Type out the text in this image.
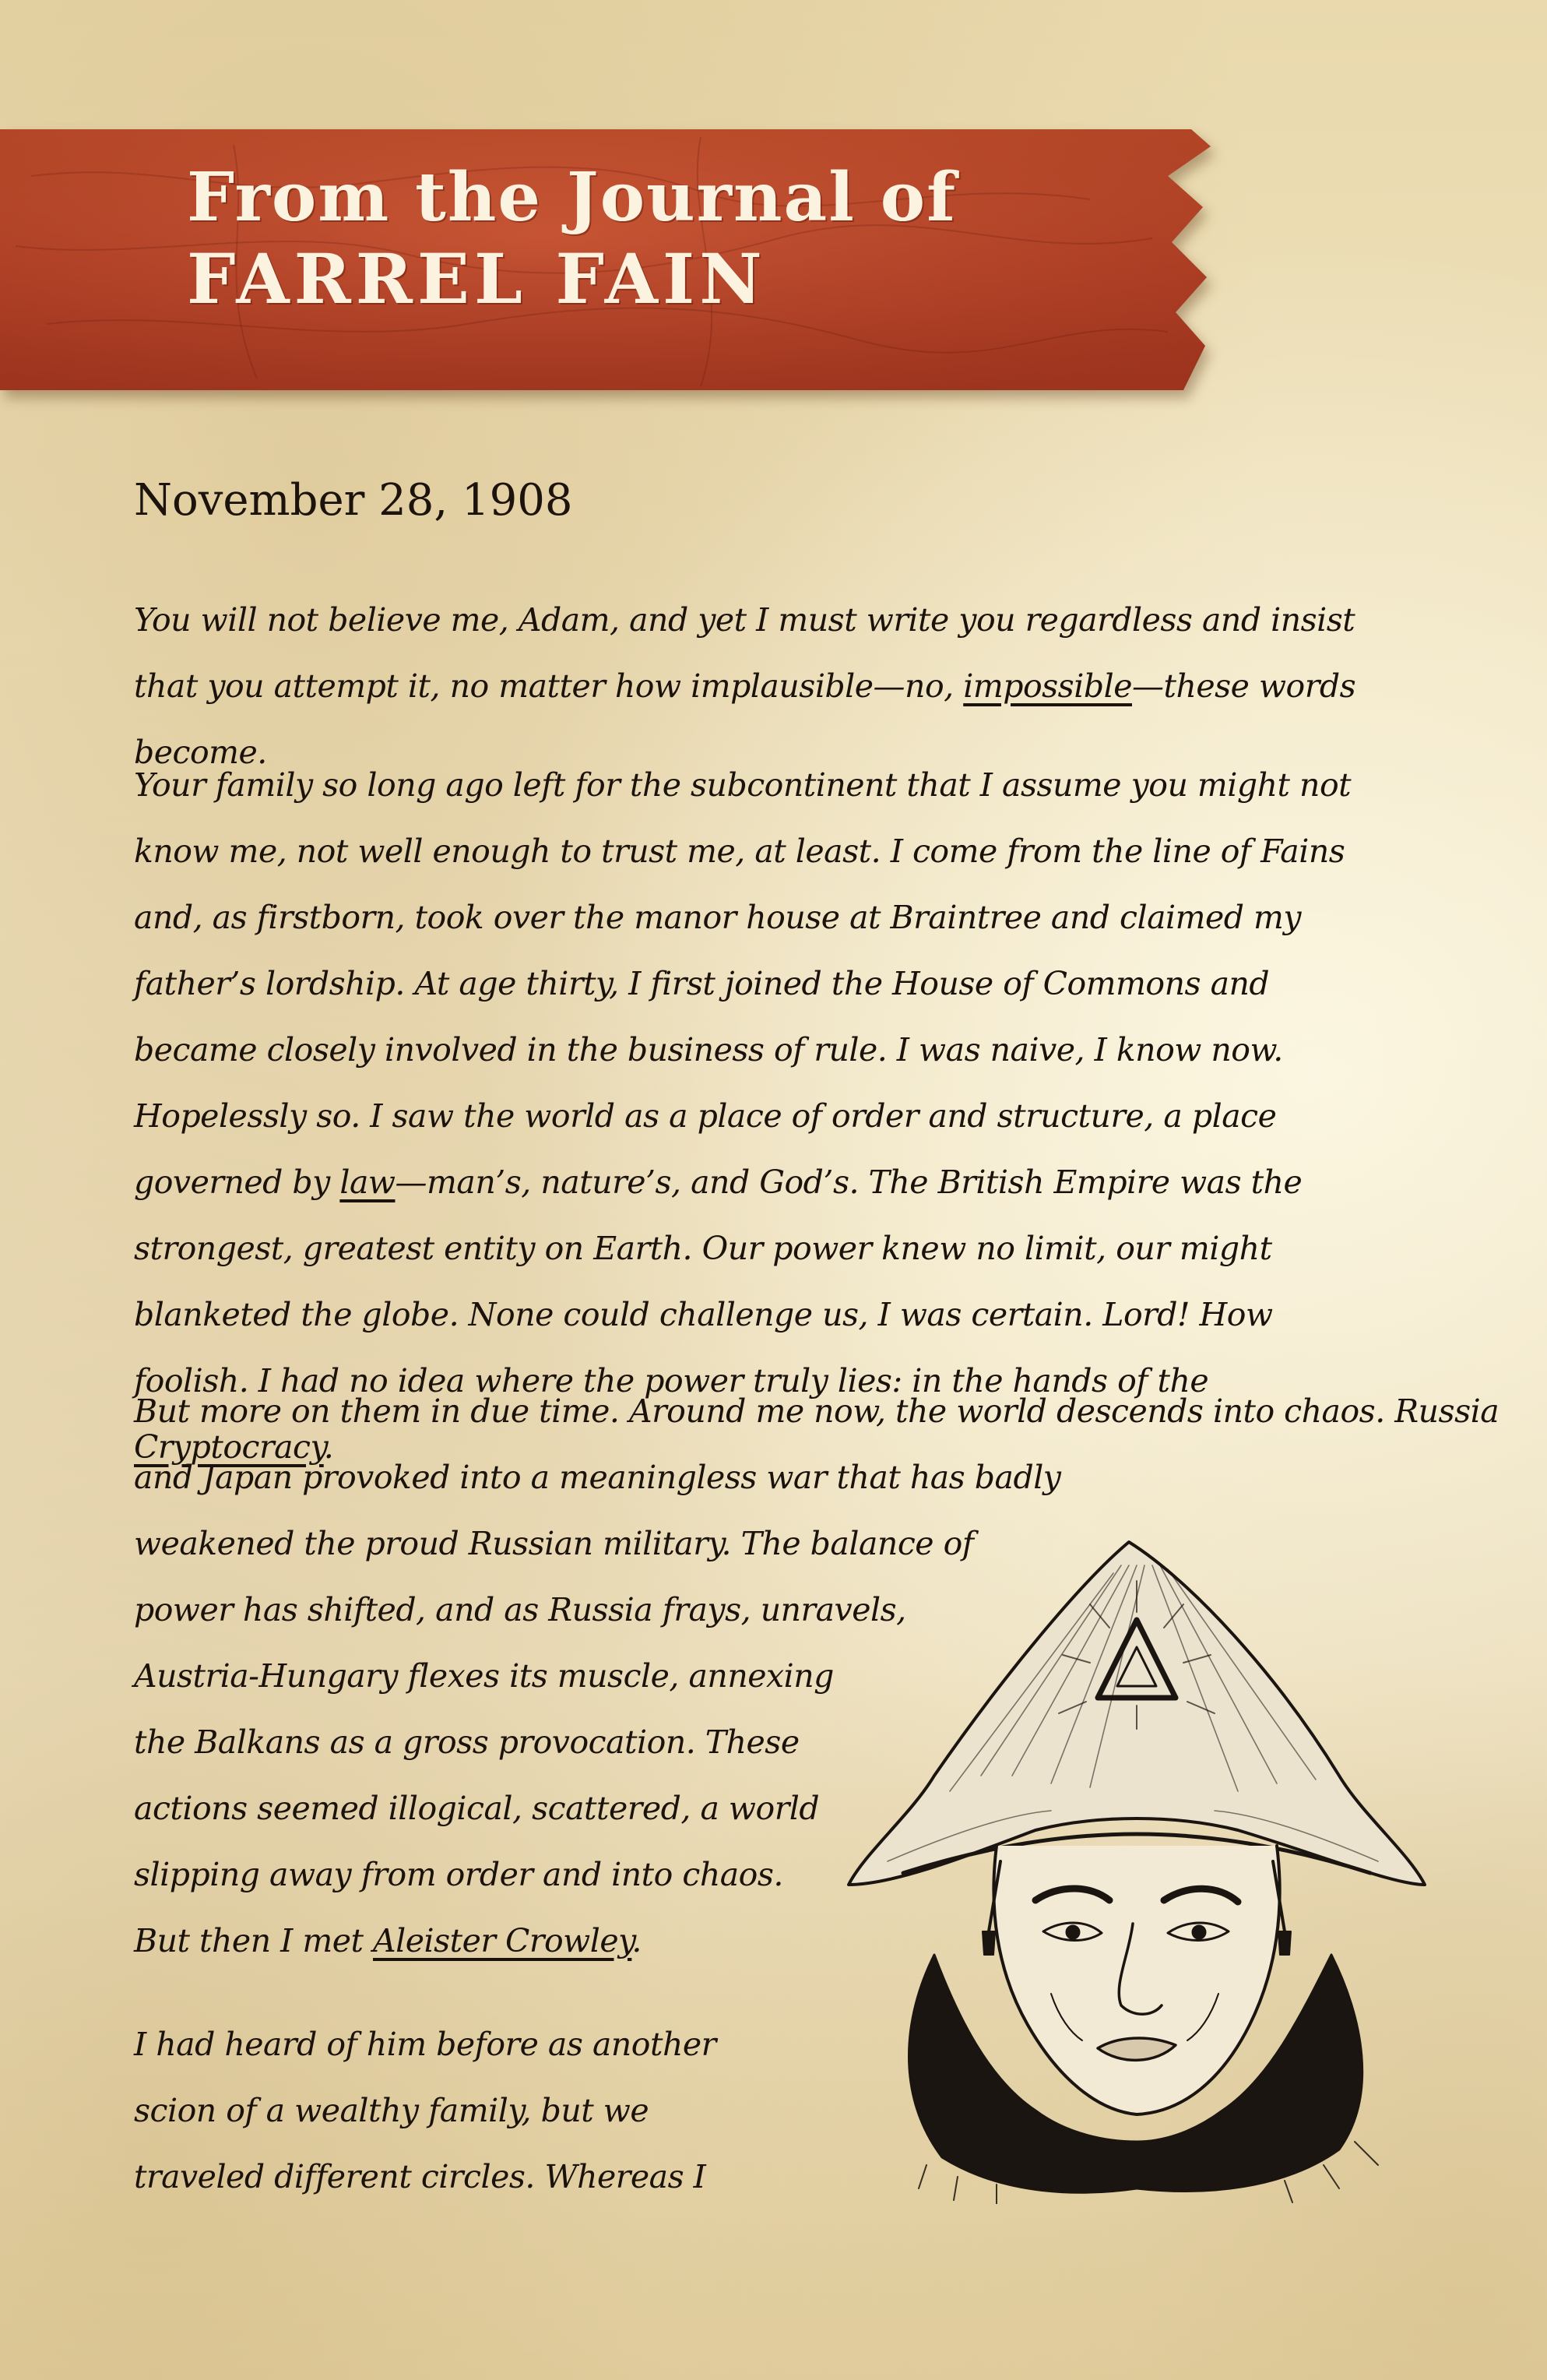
From the Journal of
FARREL FAIN
November 28, 1908

You will not believe me, Adam, and yet I must write you regardless and insist that you attempt it, no matter how implausible—no, impossible—these words become.

Your family so long ago left for the subcontinent that I assume you might not know me, not well enough to trust me, at least. I come from the line of Fains and, as firstborn, took over the manor house at Braintree and claimed my father’s lordship. At age thirty, I first joined the House of Commons and became closely involved in the business of rule. I was naive, I know now. Hopelessly so. I saw the world as a place of order and structure, a place governed by law—man’s, nature’s, and God’s. The British Empire was the strongest, greatest entity on Earth. Our power knew no limit, our might blanketed the globe. None could challenge us, I was certain. Lord! How foolish. I had no idea where the power truly lies: in the hands of the Cryptocracy.

But more on them in due time. Around me now, the world descends into chaos. Russia
and Japan provoked into a meaningless war that has badly
weakened the proud Russian military. The balance of
power has shifted, and as Russia frays, unravels,
Austria-Hungary flexes its muscle, annexing
the Balkans as a gross provocation. These
actions seemed illogical, scattered, a world
slipping away from order and into chaos.
But then I met Aleister Crowley.

I had heard of him before as another
scion of a wealthy family, but we
traveled different circles. Whereas I
